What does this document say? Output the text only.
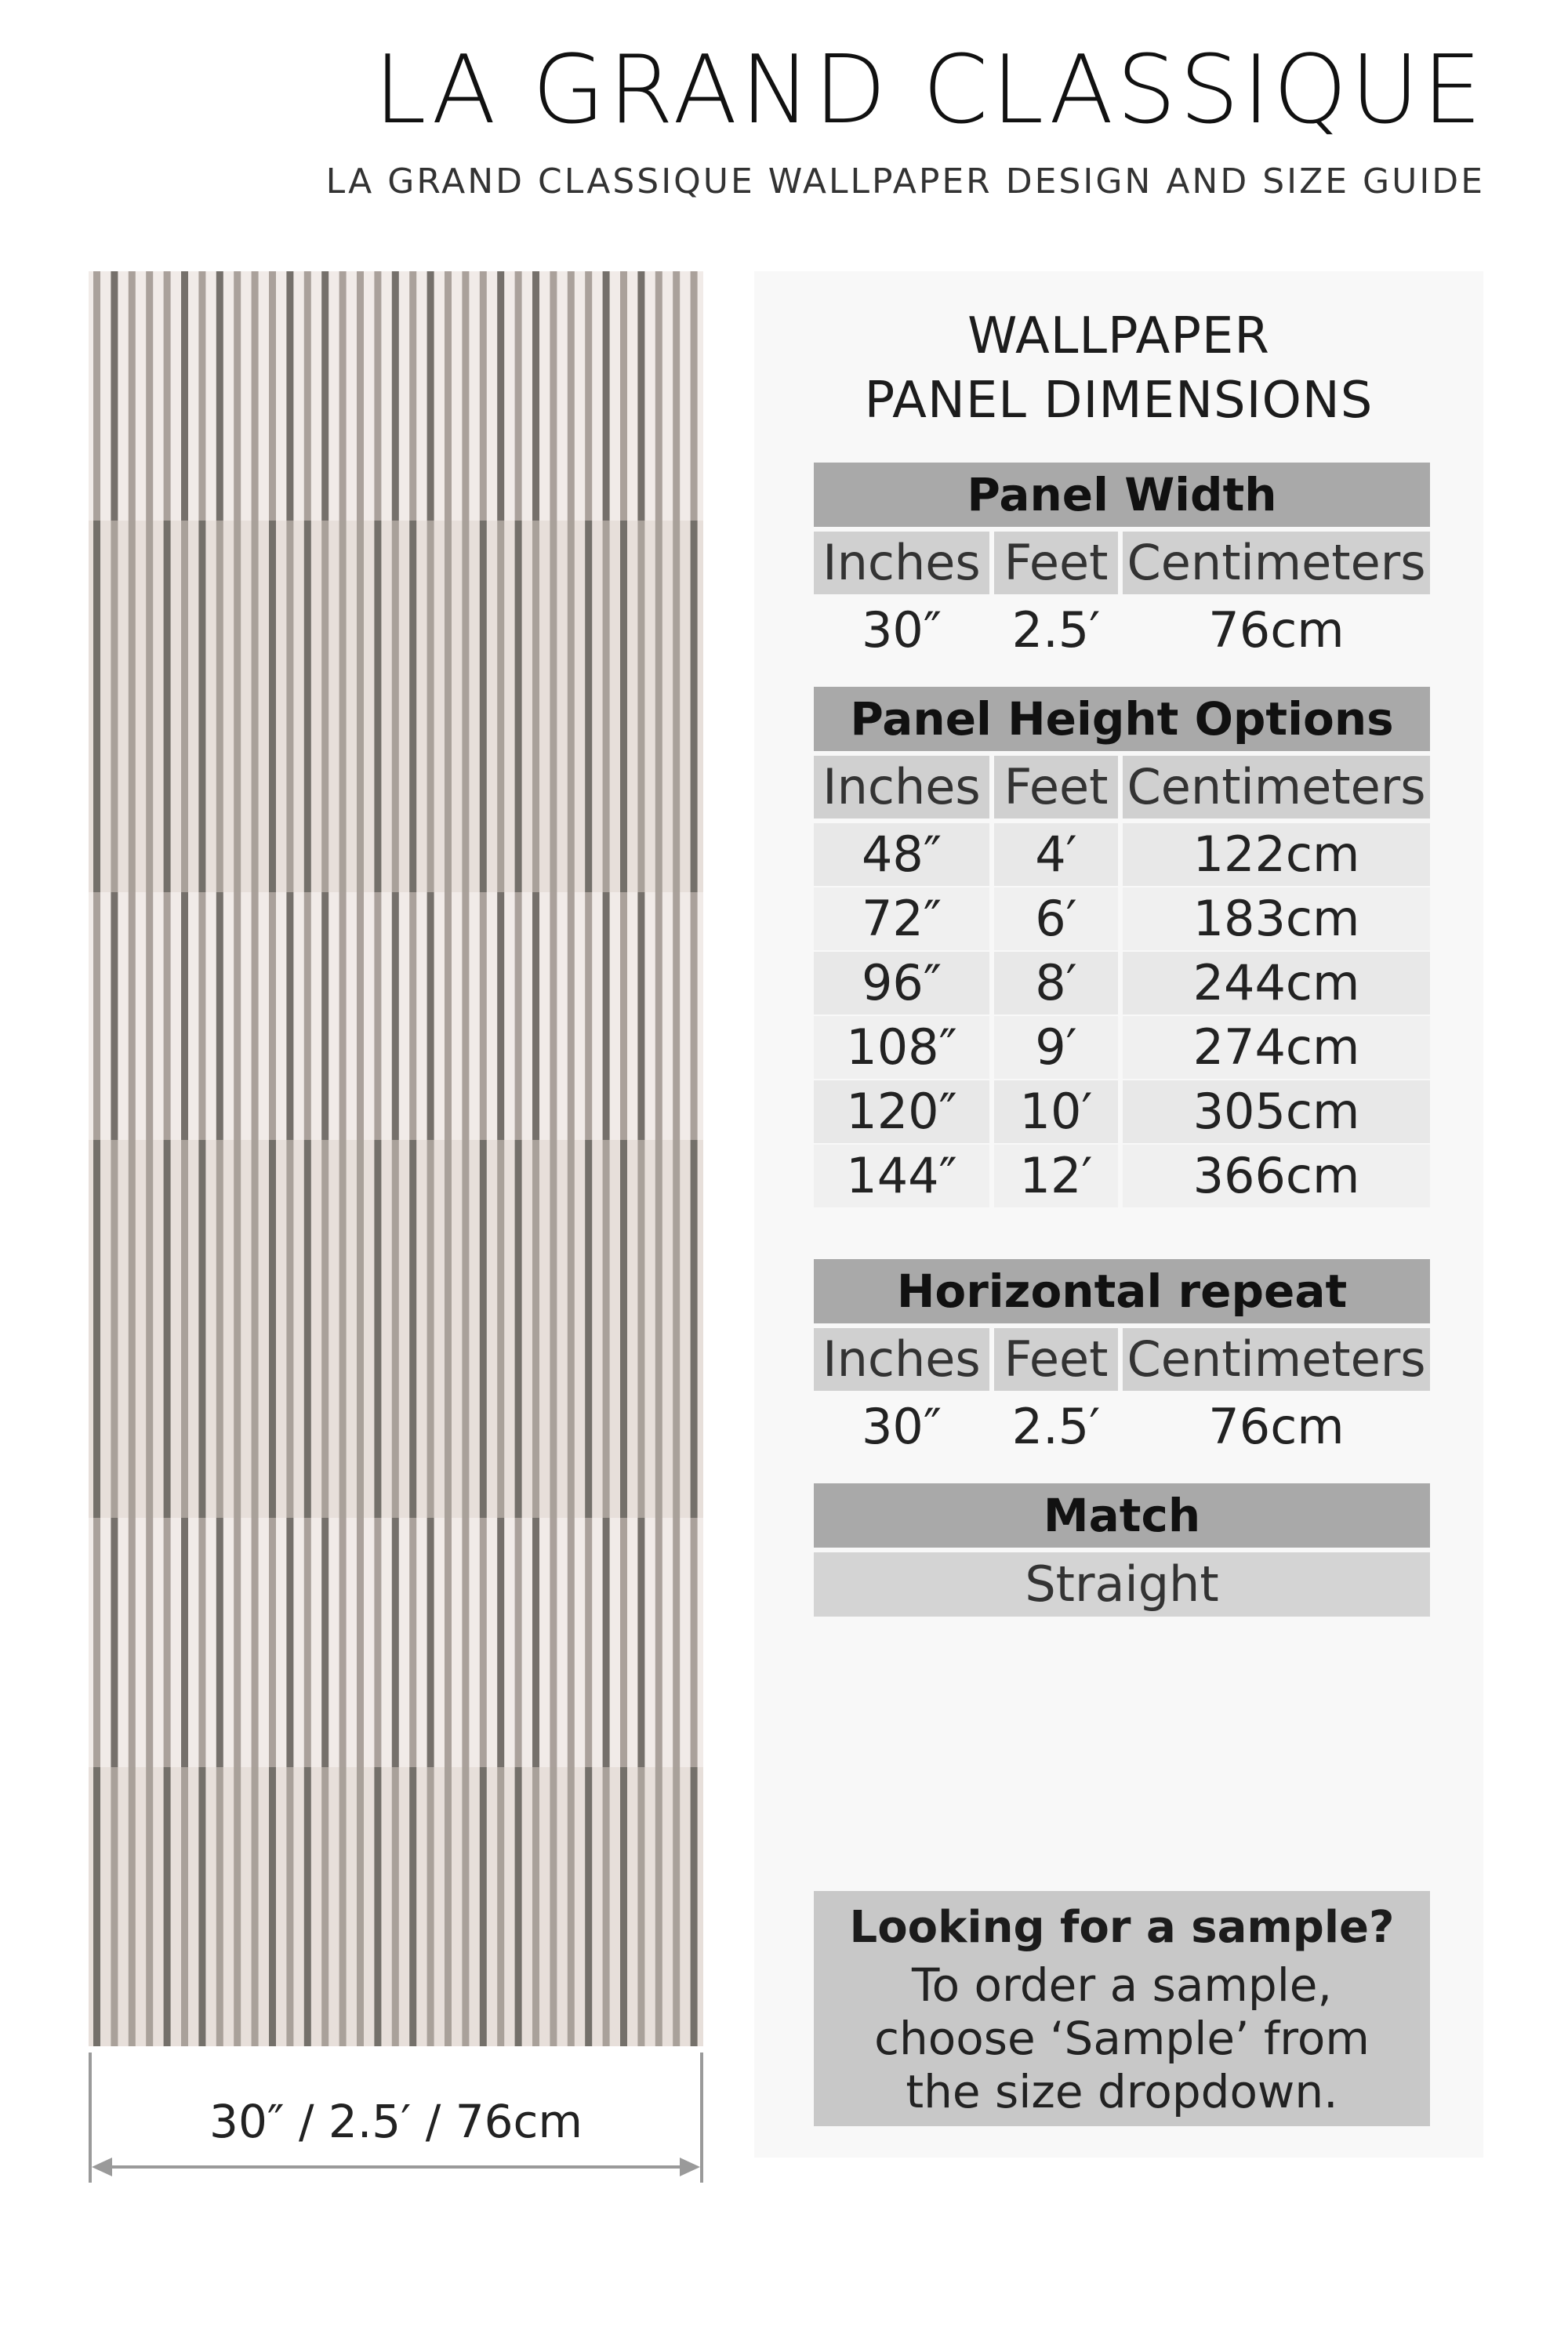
LA GRAND CLASSIQUE
LA GRAND CLASSIQUE WALLPAPER DESIGN AND SIZE GUIDE
30″ / 2.5′ / 76cm
WALLPAPER
PANEL DIMENSIONS
Panel Width
Inches Feet Centimeters
30″	2.5′	76cm
Panel Height Options
Inches Feet Centimeters
48″	4′	122cm
72″	6′	183cm
96″	8′	244cm
108″	9′	274cm
120″	10′	305cm
144″	12′	366cm
Horizontal repeat
Inches Feet Centimeters
30″	2.5′	76cm
Match
Straight
Looking for a sample?
To order a sample,
choose ‘Sample’ from
the size dropdown.
